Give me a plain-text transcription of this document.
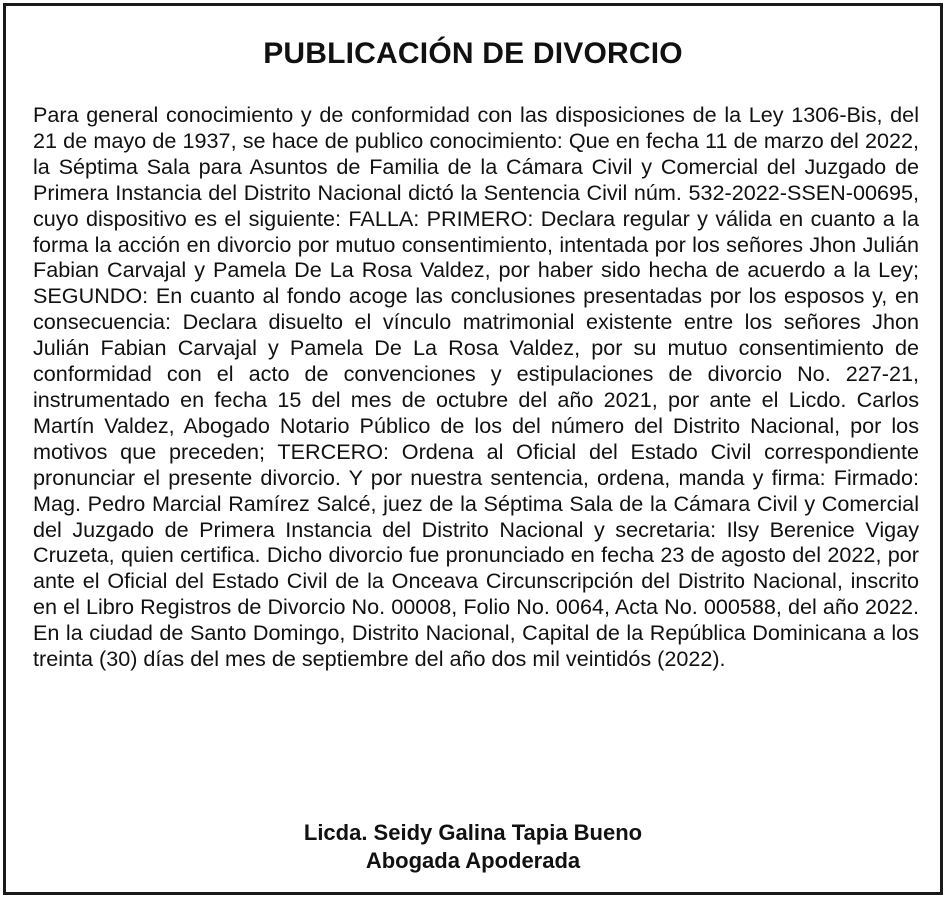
PUBLICACIÓN DE DIVORCIO

Para general conocimiento y de conformidad con las disposiciones de la Ley 1306-Bis, del 21 de mayo de 1937, se hace de publico conocimiento: Que en fecha 11 de marzo del 2022, la Séptima Sala para Asuntos de Familia de la Cámara Civil y Comercial del Juzgado de Primera Instancia del Distrito Nacional dictó la Sentencia Civil núm. 532-2022-SSEN-00695, cuyo dispositivo es el siguiente: FALLA: PRIMERO: Declara regular y válida en cuanto a la forma la acción en divorcio por mutuo consentimiento, intentada por los señores Jhon Julián Fabian Carvajal y Pamela De La Rosa Valdez, por haber sido hecha de acuerdo a la Ley; SEGUNDO: En cuanto al fondo acoge las conclusiones presentadas por los esposos y, en consecuencia: Declara disuelto el vínculo matrimonial existente entre los señores Jhon Julián Fabian Carvajal y Pamela De La Rosa Valdez, por su mutuo consentimiento de conformidad con el acto de convenciones y estipulaciones de divorcio No. 227-21, instrumentado en fecha 15 del mes de octubre del año 2021, por ante el Licdo. Carlos Martín Valdez, Abogado Notario Público de los del número del Distrito Nacional, por los motivos que preceden; TERCERO: Ordena al Oficial del Estado Civil correspondiente pronunciar el presente divorcio. Y por nuestra sentencia, ordena, manda y firma: Firmado: Mag. Pedro Marcial Ramírez Salcé, juez de la Séptima Sala de la Cámara Civil y Comercial del Juzgado de Primera Instancia del Distrito Nacional y secretaria: Ilsy Berenice Vigay Cruzeta, quien certifica. Dicho divorcio fue pronunciado en fecha 23 de agosto del 2022, por ante el Oficial del Estado Civil de la Onceava Circunscripción del Distrito Nacional, inscrito en el Libro Registros de Divorcio No. 00008, Folio No. 0064, Acta No. 000588, del año 2022. En la ciudad de Santo Domingo, Distrito Nacional, Capital de la República Dominicana a los treinta (30) días del mes de septiembre del año dos mil veintidós (2022).

Licda. Seidy Galina Tapia Bueno
Abogada Apoderada
